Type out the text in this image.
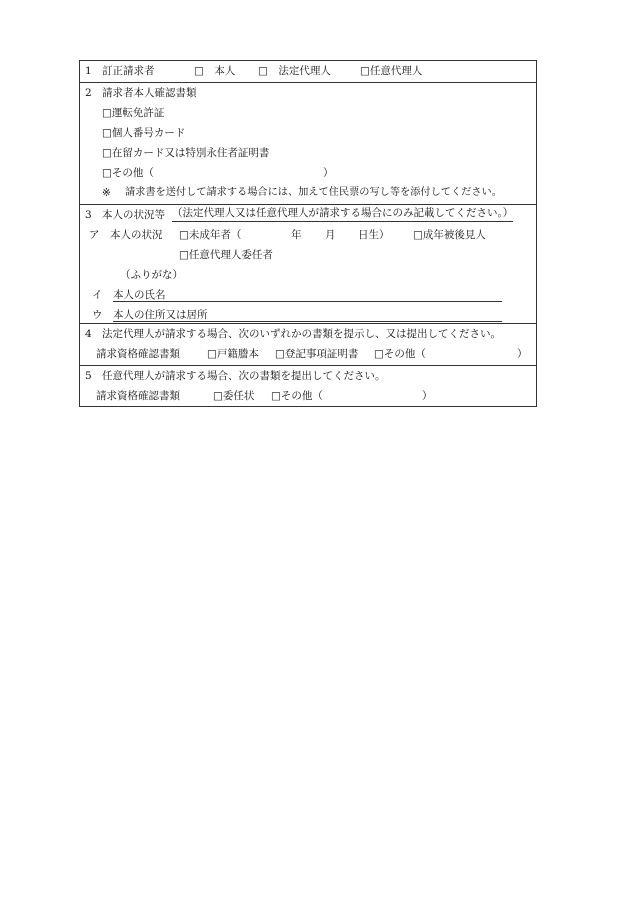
1 訂正請求者	□　本人 □　法定代理人	□任意代理人
2 請求者本人確認書類
□運転免許証
□個人番号カード
□在留カード又は特別永住者証明書
□その他（	）
※ 請求書を送付して請求する場合には、加えて住民票の写し等を添付してください。
3 本人の状況等 （法定代理人又は任意代理人が請求する場合にのみ記載してください。）
ア 本人の状況 □未成年者（	年 月 日生） □成年被後見人
□任意代理人委任者
（ふりがな）
イ 本人の氏名
ウ 本人の住所又は居所
4 法定代理人が請求する場合、次のいずれかの書類を提示し、又は提出してください。
請求資格確認書類	□戸籍謄本 □登記事項証明書 □その他（	）
5 任意代理人が請求する場合、次の書類を提出してください。
請求資格確認書類	□委任状 □その他（	）
